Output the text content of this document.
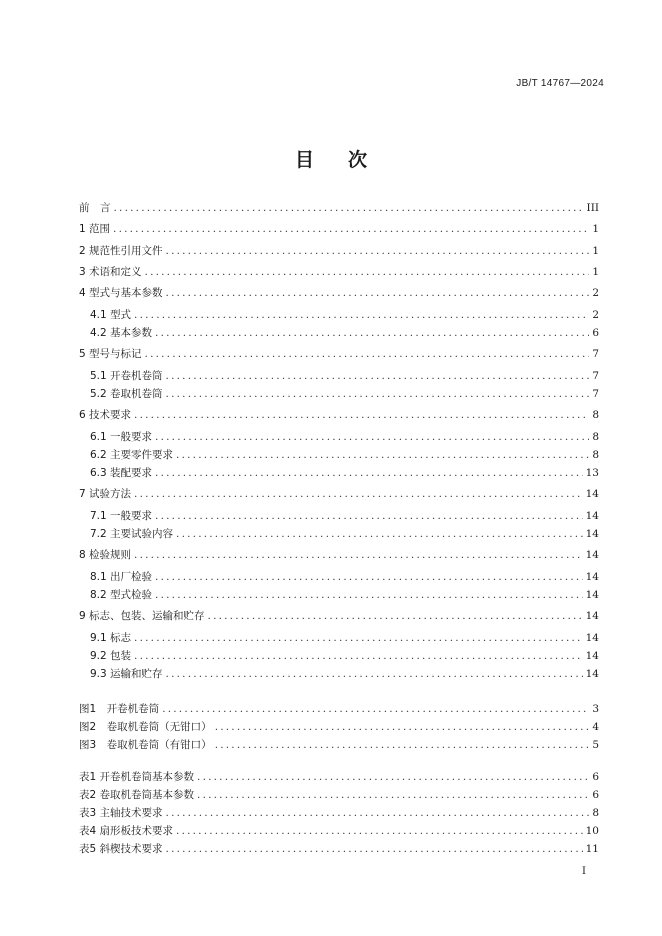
JB/T 14767—2024
目 次
前　言 .....	III
1 范围 .....	1
2 规范性引用文件 .....	1
3 术语和定义 .....	1
4 型式与基本参数 .....	2
4.1 型式 .....	2
4.2 基本参数 .....	6
5 型号与标记 .....	7
5.1 开卷机卷筒 .....	7
5.2 卷取机卷筒 .....	7
6 技术要求 .....	8
6.1 一般要求 .....	8
6.2 主要零件要求 .....	8
6.3 装配要求 .....	13
7 试验方法 .....	14
7.1 一般要求 .....	14
7.2 主要试验内容 .....	14
8 检验规则 .....	14
8.1 出厂检验 .....	14
8.2 型式检验 .....	14
9 标志、包装、运输和贮存 .....	14
9.1 标志 .....	14
9.2 包装 .....	14
9.3 运输和贮存 .....	14
图1　开卷机卷筒 .....	3
图2　卷取机卷筒（无钳口） .....	4
图3　卷取机卷筒（有钳口） .....	5
表1 开卷机卷筒基本参数 .....	6
表2 卷取机卷筒基本参数 .....	6
表3 主轴技术要求 .....	8
表4 扇形板技术要求 .....	10
表5 斜楔技术要求 .....	11
I
